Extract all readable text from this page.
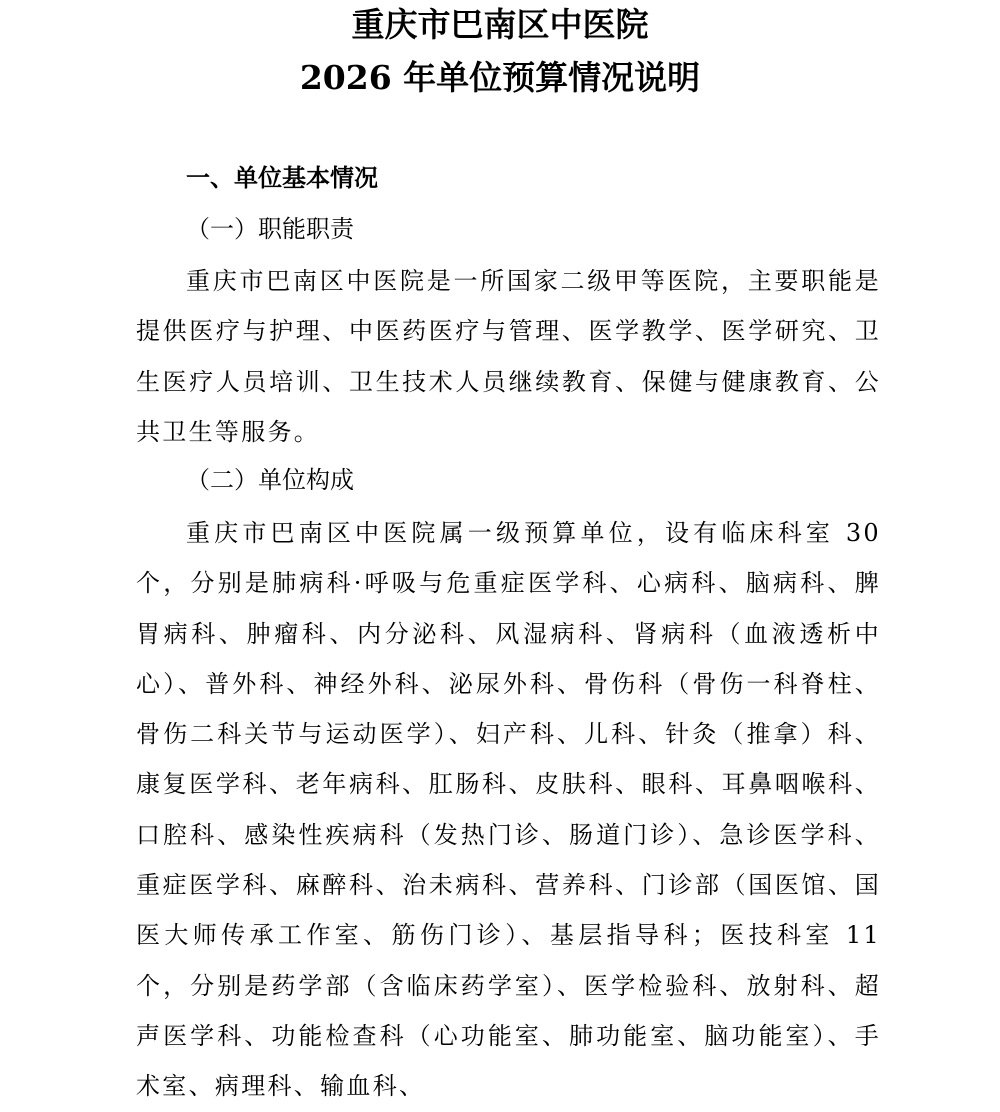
重庆市巴南区中医院
2026 年单位预算情况说明
一、单位基本情况
（一）职能职责

重庆市巴南区中医院是一所国家二级甲等医院，主要职能是提供医疗与护理、中医药医疗与管理、医学教学、医学研究、卫生医疗人员培训、卫生技术人员继续教育、保健与健康教育、公共卫生等服务。

（二）单位构成

重庆市巴南区中医院属一级预算单位，设有临床科室 30 个，分别是肺病科·呼吸与危重症医学科、心病科、脑病科、脾胃病科、肿瘤科、内分泌科、风湿病科、肾病科（血液透析中心）、普外科、神经外科、泌尿外科、骨伤科（骨伤一科脊柱、骨伤二科关节与运动医学）、妇产科、儿科、针灸（推拿）科、康复医学科、老年病科、肛肠科、皮肤科、眼科、耳鼻咽喉科、口腔科、感染性疾病科（发热门诊、肠道门诊）、急诊医学科、重症医学科、麻醉科、治未病科、营养科、门诊部（国医馆、国医大师传承工作室、筋伤门诊）、基层指导科；医技科室 11 个，分别是药学部（含临床药学室）、医学检验科、放射科、超声医学科、功能检查科（心功能室、肺功能室、脑功能室）、手术室、病理科、输血科、
